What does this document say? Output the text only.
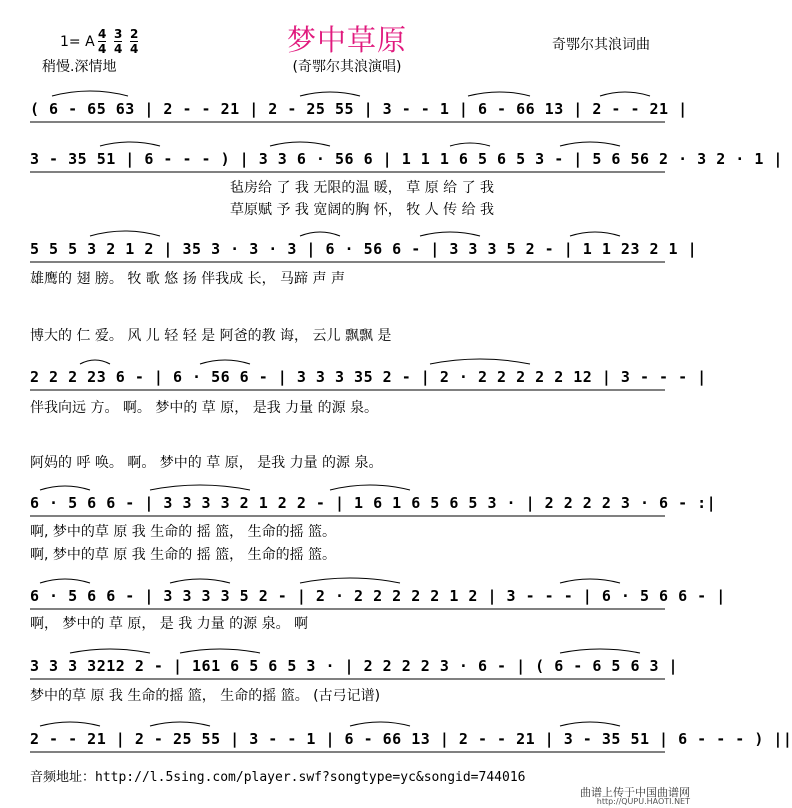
梦中草原
(奇鄂尔其浪演唱)
1= A 4
4
3
4
2
4
稍慢.深情地
奇鄂尔其浪词曲
( 6 - 65 63 | 2 - - 21 | 2 - 25 55 | 3 - - 1 | 6 - 66 13 | 2 - - 21 |
3 - 35 51 | 6 - - - ) | 3 3 6 · 56 6 | 1 1 1 6 5 6 5 3 - | 5 6 56 2 · 3 2 · 1 |
毡房给 了 我 无限的温 暖， 草 原 给 了 我
草原赋 予 我 宽阔的胸 怀， 牧 人 传 给 我
5 5 5 3 2 1 2 | 35 3 · 3 · 3 | 6 · 56 6 - | 3 3 3 5 2 - | 1 1 23 2 1 |
雄鹰的 翅 膀。 牧 歌 悠 扬 伴我成 长， 马蹄 声 声
博大的 仁 爱。 风 儿 轻 轻 是 阿爸的教 诲， 云儿 飘飘 是
2 2 2 23 6 - | 6 · 56 6 - | 3 3 3 35 2 - | 2 · 2 2 2 2 2 12 | 3 - - - |
伴我向远 方。 啊。 梦中的 草 原， 是我 力量 的源 泉。
阿妈的 呼 唤。 啊。 梦中的 草 原， 是我 力量 的源 泉。
6 · 5 6 6 - | 3 3 3 3 2 1 2 2 - | 1 6 1 6 5 6 5 3 · | 2 2 2 2 3 · 6 - :|
啊, 梦中的草 原 我 生命的 摇 篮， 生命的摇 篮。
啊, 梦中的草 原 我 生命的 摇 篮， 生命的摇 篮。
6 · 5 6 6 - | 3 3 3 3 5 2 - | 2 · 2 2 2 2 2 1 2 | 3 - - - | 6 · 5 6 6 - |
啊， 梦中的 草 原， 是 我 力量 的源 泉。 啊
3 3 3 3212 2 - | 161 6 5 6 5 3 · | 2 2 2 2 3 · 6 - | ( 6 - 6 5 6 3 |
梦中的草 原 我 生命的摇 篮， 生命的摇 篮。 (古弓记谱)
2 - - 21 | 2 - 25 55 | 3 - - 1 | 6 - 66 13 | 2 - - 21 | 3 - 35 51 | 6 - - - ) ||
音频地址：http://l.5sing.com/player.swf?songtype=yc&songid=744016
曲谱上传于中国曲谱网
http://QUPU.HAOTI.NET
